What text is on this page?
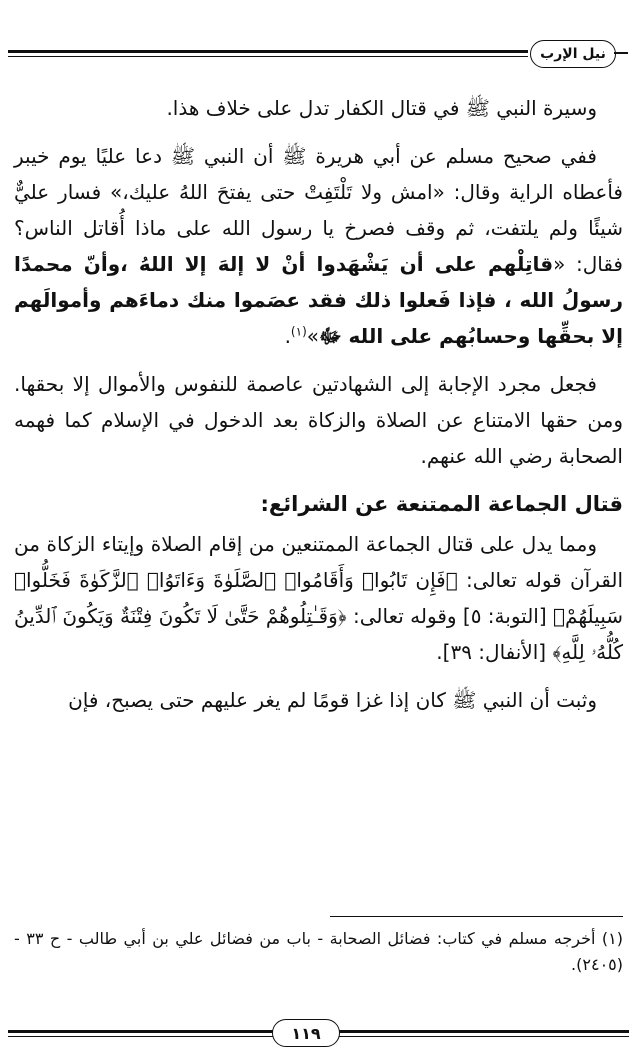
نيل الإرب

وسيرة النبي ﷺ في قتال الكفار تدل على خلاف هذا.

ففي صحيح مسلم عن أبي هريرة ﷺ أن النبي ﷺ دعا عليًا يوم خيبر فأعطاه الراية وقال: «امش ولا تَلْتَفِتْ حتى يفتحَ اللهُ عليك،» فسار عليٌّ شيئًا ولم يلتفت، ثم وقف فصرخ يا رسول الله على ماذا أُقاتل الناس؟ فقال: «قاتِلْهم على أن يَشْهَدوا أنْ لا إلهَ إلا اللهُ ،وأنّ محمدًا رسولُ الله ، فإذا فَعلوا ذلك فقد عصَموا منك دماءَهم وأموالَهم إلا بحقِّها وحسابُهم على الله ﷻ»$^{(١)}$.

فجعل مجرد الإجابة إلى الشهادتين عاصمة للنفوس والأموال إلا بحقها. ومن حقها الامتناع عن الصلاة والزكاة بعد الدخول في الإسلام كما فهمه الصحابة رضي الله عنهم.

قتال الجماعة الممتنعة عن الشرائع:

ومما يدل على قتال الجماعة الممتنعين من إقام الصلاة وإيتاء الزكاة من القرآن قوله تعالى: ﴿فَإِن تَابُوا۟ وَأَقَامُوا۟ ٱلصَّلَوٰةَ وَءَاتَوُا۟ ٱلزَّكَوٰةَ فَخَلُّوا۟ سَبِيلَهُمْ﴾ [التوبة: ٥] وقوله تعالى: ﴿وَقَـٰتِلُوهُمْ حَتَّىٰ لَا تَكُونَ فِتْنَةٌ وَيَكُونَ ٱلدِّينُ كُلُّهُۥ لِلَّهِ﴾ [الأنفال: ٣٩].

وثبت أن النبي ﷺ كان إذا غزا قومًا لم يغر عليهم حتى يصبح، فإن

(١) أخرجه مسلم في كتاب: فضائل الصحابة - باب من فضائل علي بن أبي طالب - ح ٣٣ - (٢٤٠٥).
١١٩
